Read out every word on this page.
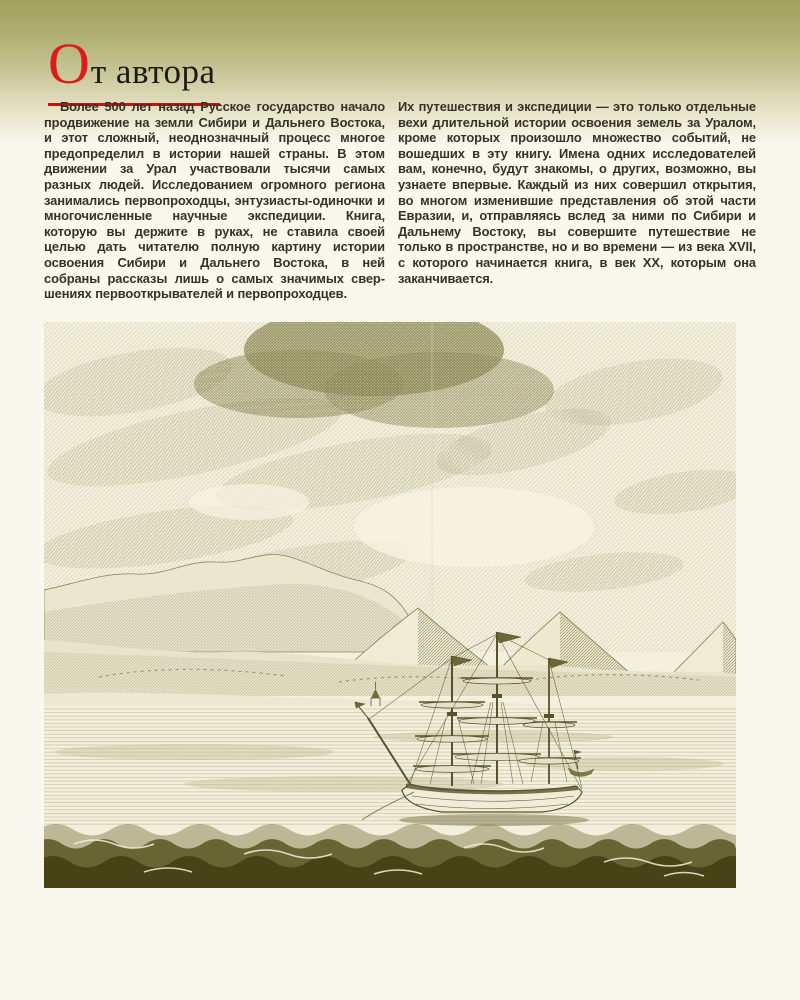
От автора

Более 500 лет назад Русское государство начало продвижение на земли Сибири и Дальнего Востока, и этот сложный, неоднозначный процесс многое предопределил в истории нашей страны. В этом движении за Урал участвовали тысячи самых разных людей. Исследованием огромного региона занимались первопроходцы, энтузиасты-одиночки и многочисленные научные экспедиции. Книга, которую вы держите в руках, не ставила своей целью дать читателю полную картину истории освоения Сибири и Дальнего Востока, в ней собраны рассказы лишь о самых значимых свершениях первооткрывателей и первопроходцев.

Их путешествия и экспедиции — это только отдельные вехи длительной истории освоения земель за Уралом, кроме которых произошло множество событий, не вошедших в эту книгу. Имена одних исследователей вам, конечно, будут знакомы, о других, возможно, вы узнаете впервые. Каждый из них совершил открытия, во многом изменившие представления об этой части Евразии, и, отправляясь вслед за ними по Сибири и Дальнему Востоку, вы совершите путешествие не только в пространстве, но и во времени — из века XVII, с которого начинается книга, в век XX, которым она заканчивается.
